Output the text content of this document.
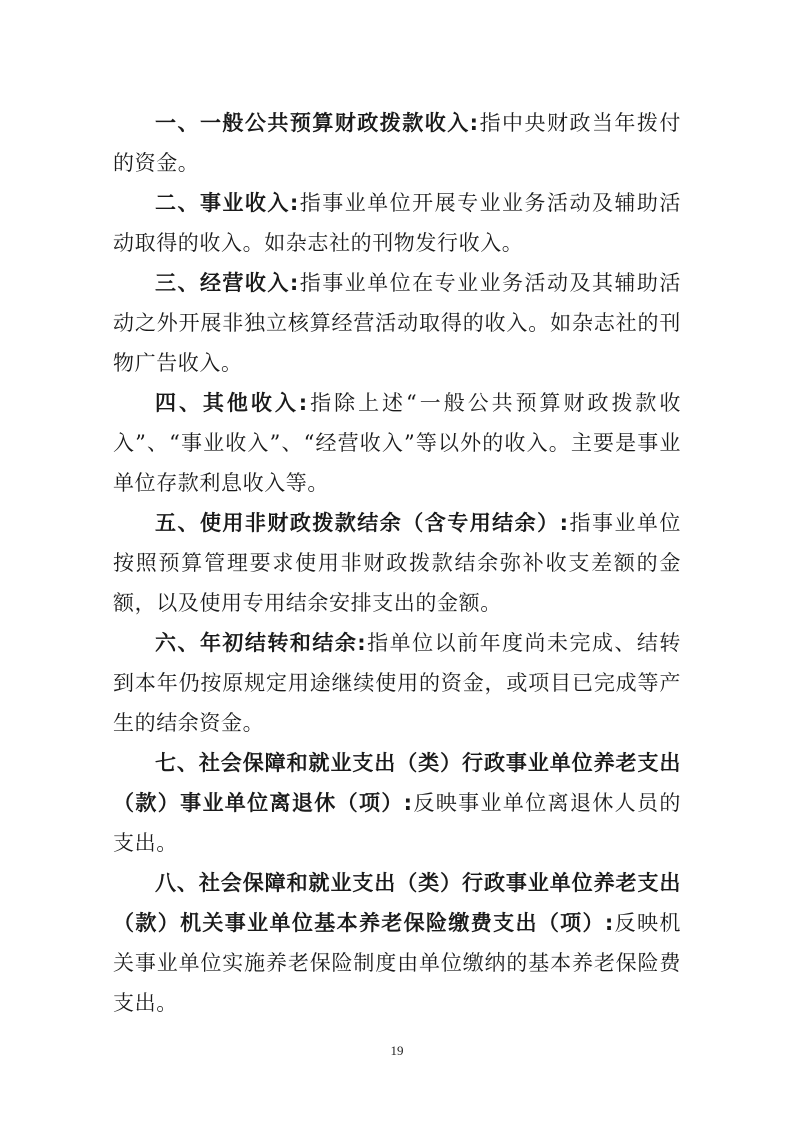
一、一般公共预算财政拨款收入:指中央财政当年拨付的资金。

二、事业收入:指事业单位开展专业业务活动及辅助活动取得的收入。如杂志社的刊物发行收入。

三、经营收入:指事业单位在专业业务活动及其辅助活动之外开展非独立核算经营活动取得的收入。如杂志社的刊物广告收入。

四、其他收入:指除上述“一般公共预算财政拨款收入”、“事业收入”、“经营收入”等以外的收入。主要是事业单位存款利息收入等。

五、使用非财政拨款结余（含专用结余）:指事业单位按照预算管理要求使用非财政拨款结余弥补收支差额的金额，以及使用专用结余安排支出的金额。

六、年初结转和结余:指单位以前年度尚未完成、结转到本年仍按原规定用途继续使用的资金，或项目已完成等产生的结余资金。

七、社会保障和就业支出（类）行政事业单位养老支出（款）事业单位离退休（项）:反映事业单位离退休人员的支出。

八、社会保障和就业支出（类）行政事业单位养老支出（款）机关事业单位基本养老保险缴费支出（项）:反映机关事业单位实施养老保险制度由单位缴纳的基本养老保险费支出。

19
